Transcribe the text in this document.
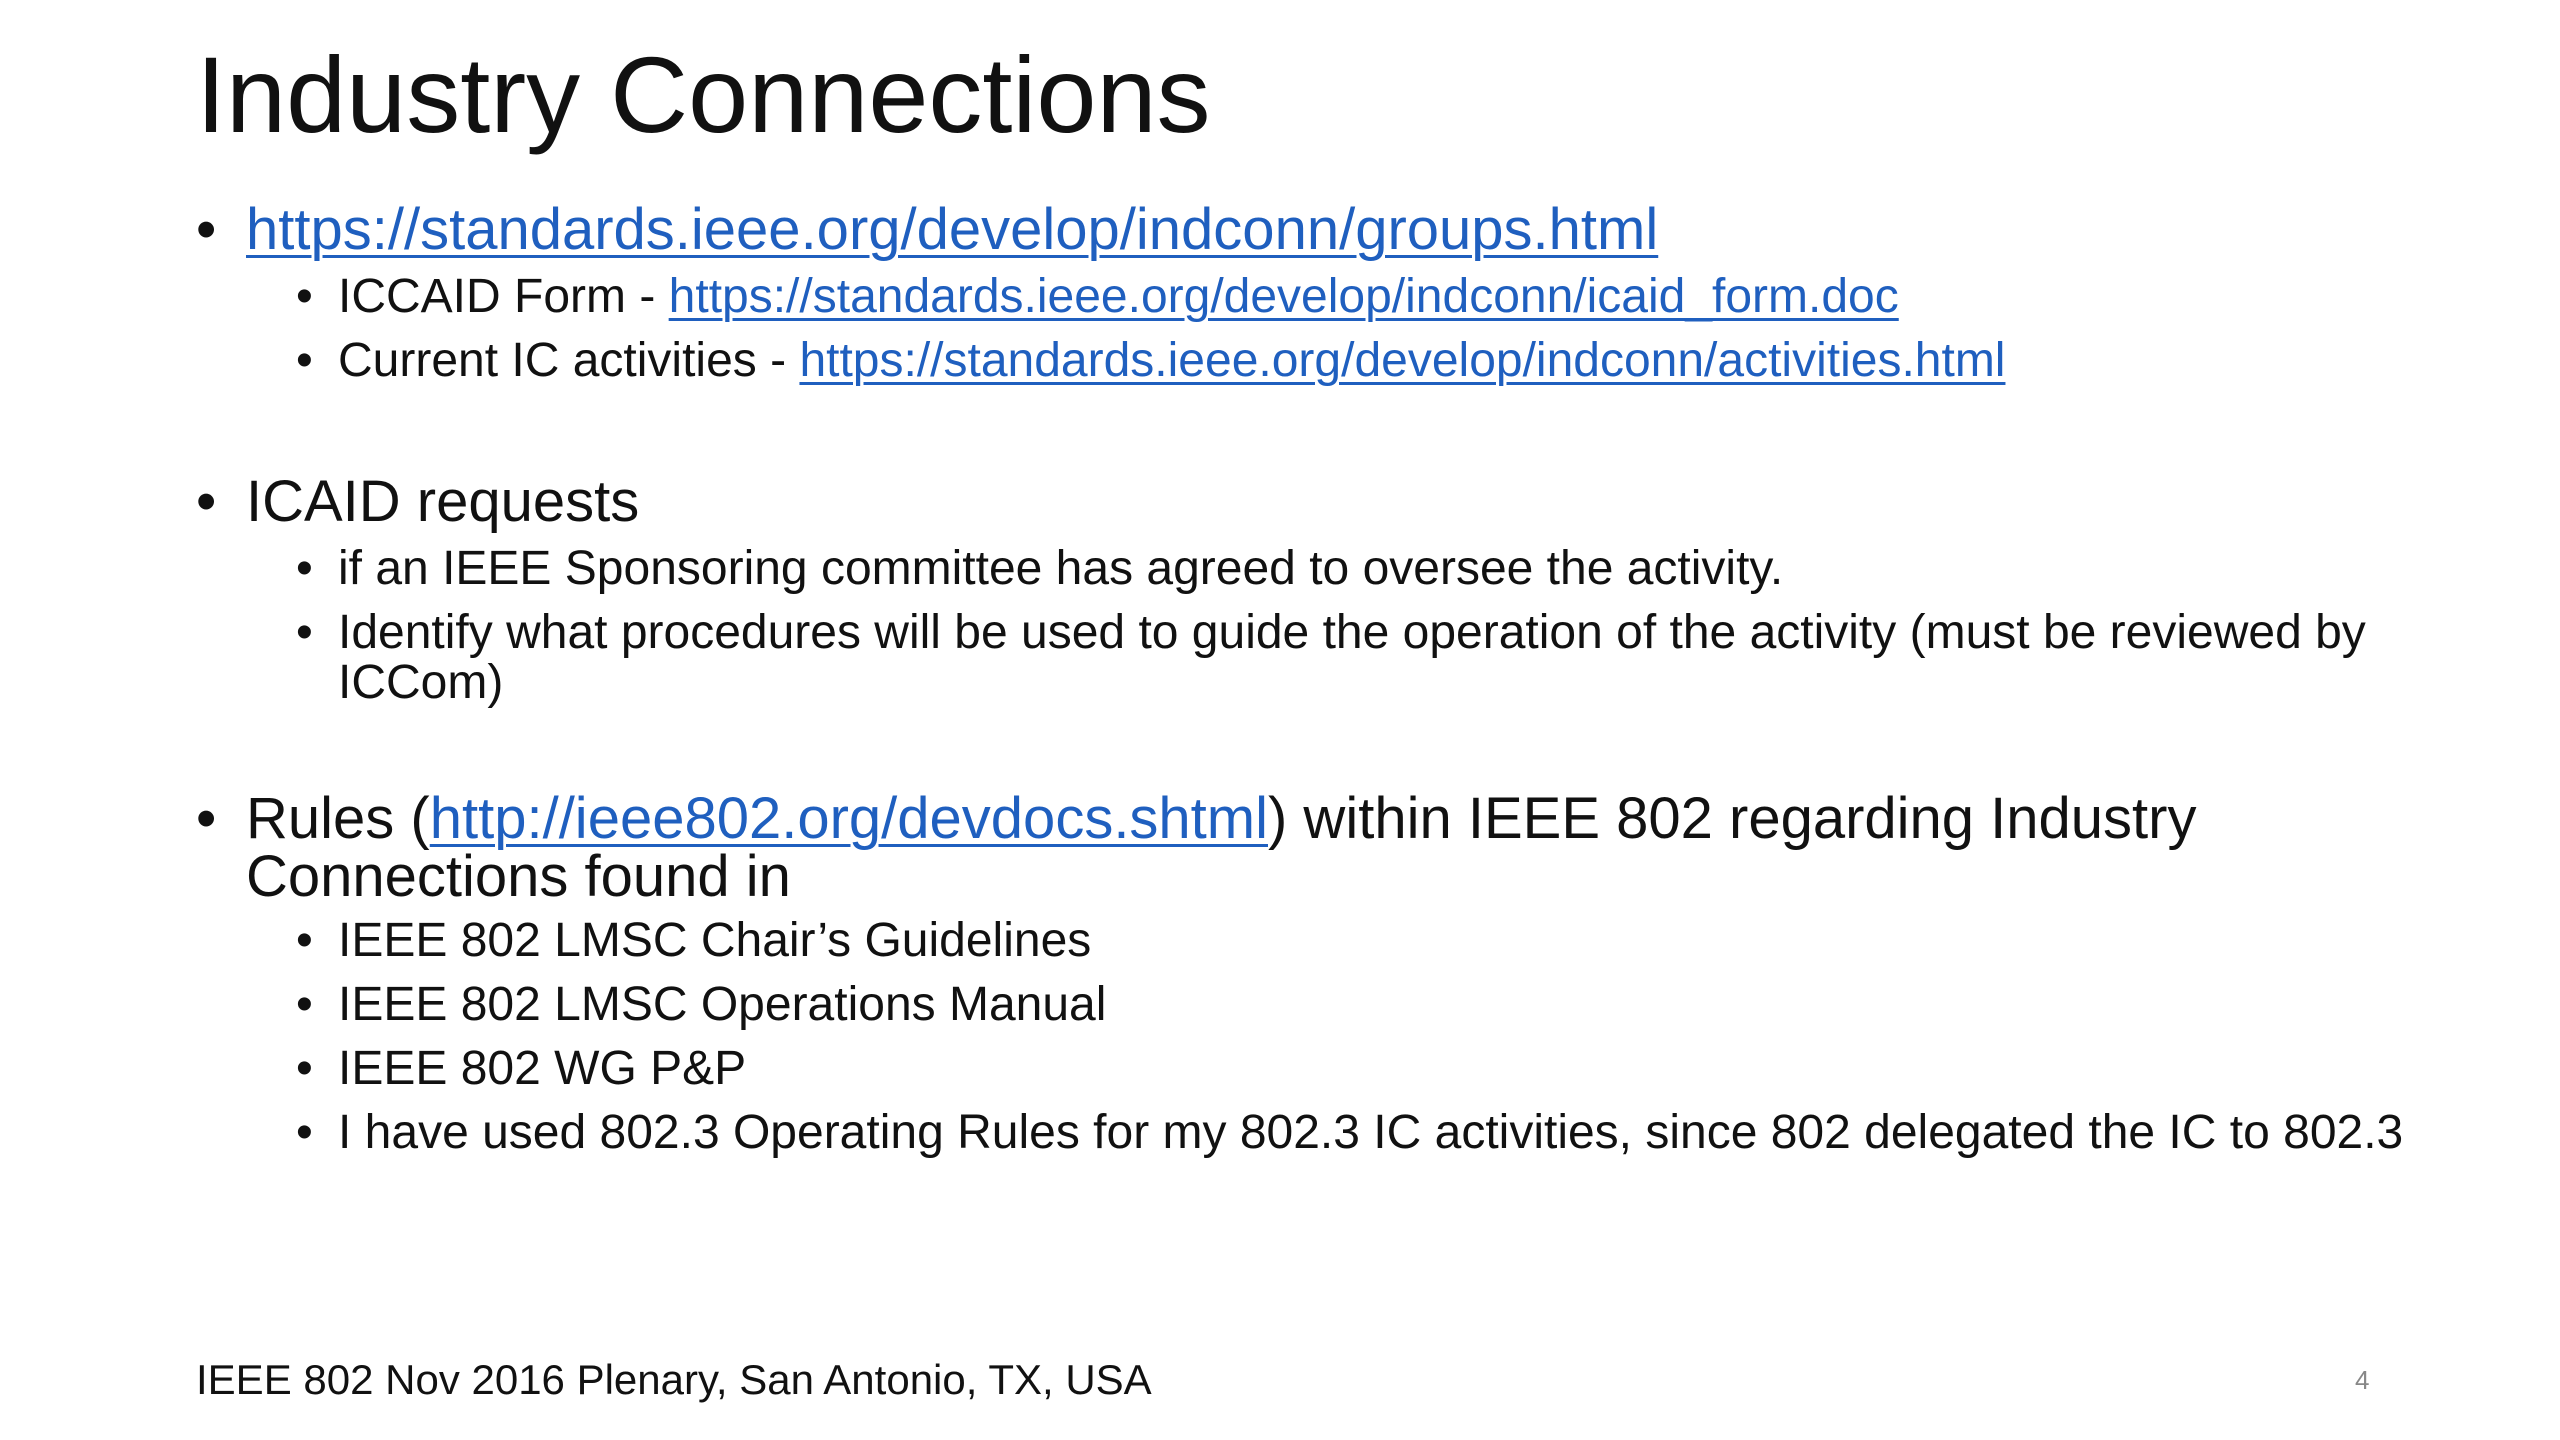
Industry Connections
• https://standards.ieee.org/develop/indconn/groups.html
• ICCAID Form - https://standards.ieee.org/develop/indconn/icaid_form.doc
• Current IC activities - https://standards.ieee.org/develop/indconn/activities.html
• ICAID requests
• if an IEEE Sponsoring committee has agreed to oversee the activity.
• Identify what procedures will be used to guide the operation of the activity (must be reviewed by ICCom)
• Rules (http://ieee802.org/devdocs.shtml) within IEEE 802 regarding Industry Connections found in
• IEEE 802 LMSC Chair’s Guidelines
• IEEE 802 LMSC Operations Manual
• IEEE 802 WG P&P
• I have used 802.3 Operating Rules for my 802.3 IC activities, since 802 delegated the IC to 802.3
IEEE 802 Nov 2016 Plenary, San Antonio, TX, USA	4
